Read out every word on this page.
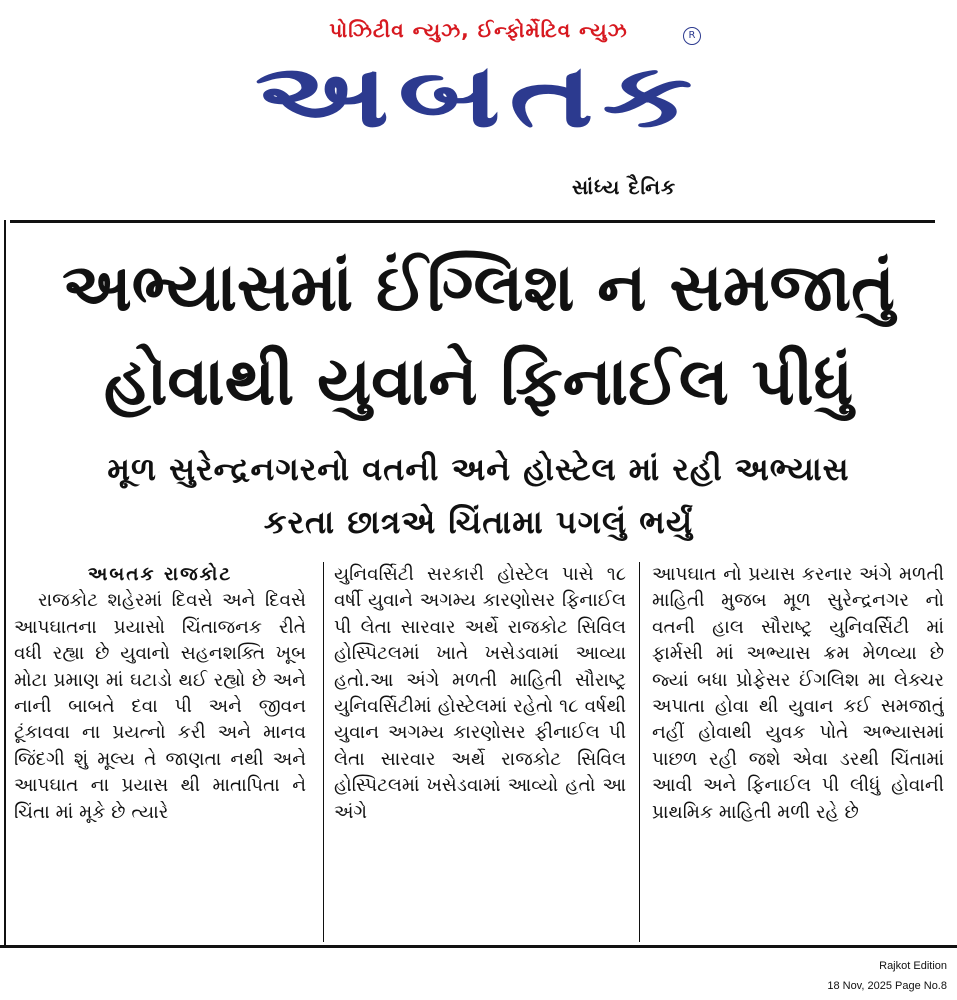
પોઝિટીવ ન્યુઝ, ઈન્ફોર્મેટિવ ન્યુઝ
અબતક
R
સાંધ્ય દૈનિક
અભ્યાસમાં ઈંગ્લિશ ન સમજાતું
હોવાથી યુવાને ફિનાઈલ પીધું
મૂળ સુરેન્દ્રનગરનો વતની અને હોસ્ટેલ માં રહી અભ્યાસ
કરતા છાત્રએ ચિંતામા પગલું ભર્યું
અબતક રાજકોટ

રાજકોટ શહેરમાં દિવસે અને દિવસે આપઘાતના પ્રયાસો ચિંતાજનક રીતે વધી રહ્યા છે યુવાનો સહનશક્તિ ખૂબ મોટા પ્રમાણ માં ઘટાડો થઈ રહ્યો છે અને નાની બાબતે દવા પી અને જીવન ટૂંકાવવા ના પ્રયત્નો કરી અને માનવ જિંદગી શું મૂલ્ય તે જાણતા નથી અને આપઘાત ના પ્રયાસ થી માતાપિતા ને ચિંતા માં મૂકે છે ત્યારે

યુનિવર્સિટી સરકારી હોસ્ટેલ પાસે ૧૮ વર્ષી યુવાને અગમ્ય કારણોસર ફિનાઈલ પી લેતા સારવાર અર્થે રાજકોટ સિવિલ હોસ્પિટલમાં ખાતે ખસેડવામાં આવ્યા હતો.આ અંગે મળતી માહિતી સૌરાષ્ટ્ર યુનિવર્સિટીમાં હોસ્ટેલમાં રહેતો ૧૮ વર્ષથી યુવાન અગમ્ય કારણોસર ફીનાઈલ પી લેતા સારવાર અર્થે રાજકોટ સિવિલ હોસ્પિટલમાં ખસેડવામાં આવ્યો હતો આ અંગે

આપઘાત નો પ્રયાસ કરનાર અંગે મળતી માહિતી મુજબ મૂળ સુરેન્દ્રનગર નો વતની હાલ સૌરાષ્ટ્ર યુનિવર્સિટી માં ફાર્મસી માં અભ્યાસ ક્રમ મેળવ્યા છે જ્યાં બધા પ્રોફેસર ઈંગલિશ મા લેક્ચર અપાતા હોવા થી યુવાન કઈ સમજાતું નહીં હોવાથી યુવક પોતે અભ્યાસમાં પાછળ રહી જશે એવા ડરથી ચિંતામાં આવી અને ફિનાઈલ પી લીધું હોવાની પ્રાથમિક માહિતી મળી રહે છે

Rajkot Edition
18 Nov, 2025 Page No.8
